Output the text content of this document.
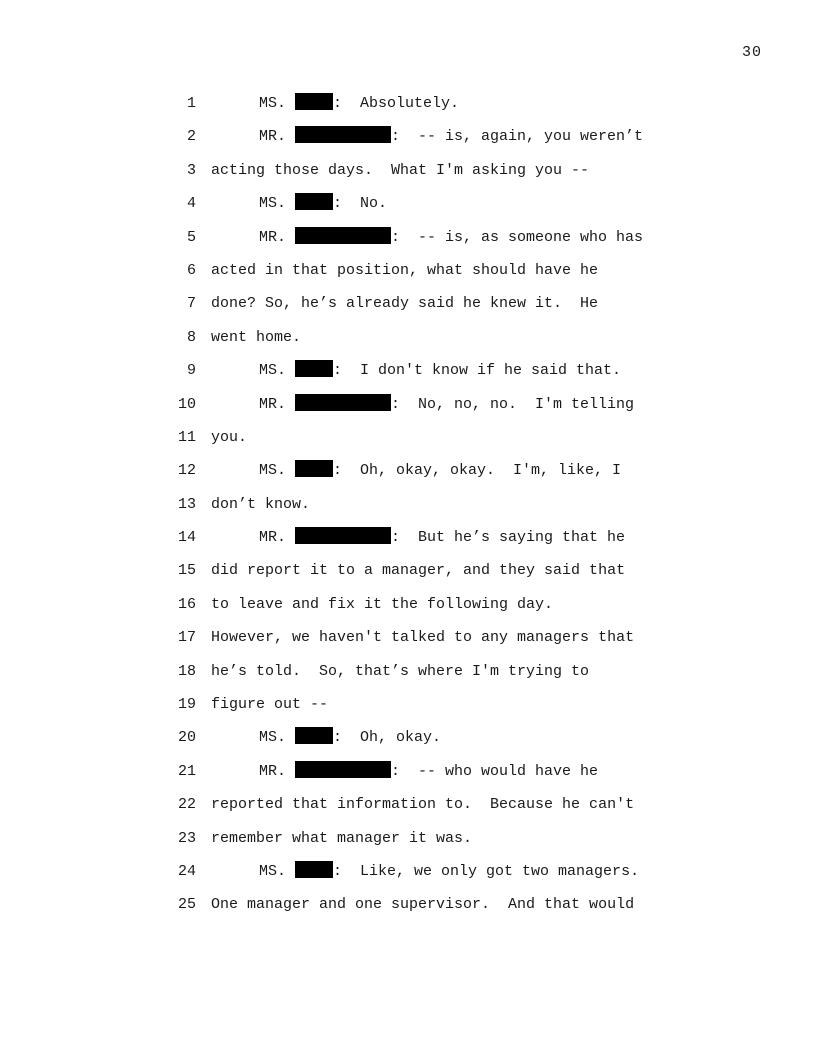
30
1	MS.	:  Absolutely.
2	MR.	:  -- is, again, you weren’t
3 acting those days.  What I'm asking you --
4	MS.	:  No.
5	MR.	:  -- is, as someone who has
6 acted in that position, what should have he
7 done? So, he’s already said he knew it.  He
8 went home.
9	MS.	:  I don't know if he said that.
10	MR.	:  No, no, no.  I'm telling
11 you.
12	MS.	:  Oh, okay, okay.  I'm, like, I
13 don’t know.
14	MR.	:  But he’s saying that he
15 did report it to a manager, and they said that
16 to leave and fix it the following day.
17 However, we haven't talked to any managers that
18 he’s told.  So, that’s where I'm trying to
19 figure out --
20	MS.	:  Oh, okay.
21	MR.	:  -- who would have he
22 reported that information to.  Because he can't
23 remember what manager it was.
24	MS.	:  Like, we only got two managers.
25 One manager and one supervisor.  And that would
